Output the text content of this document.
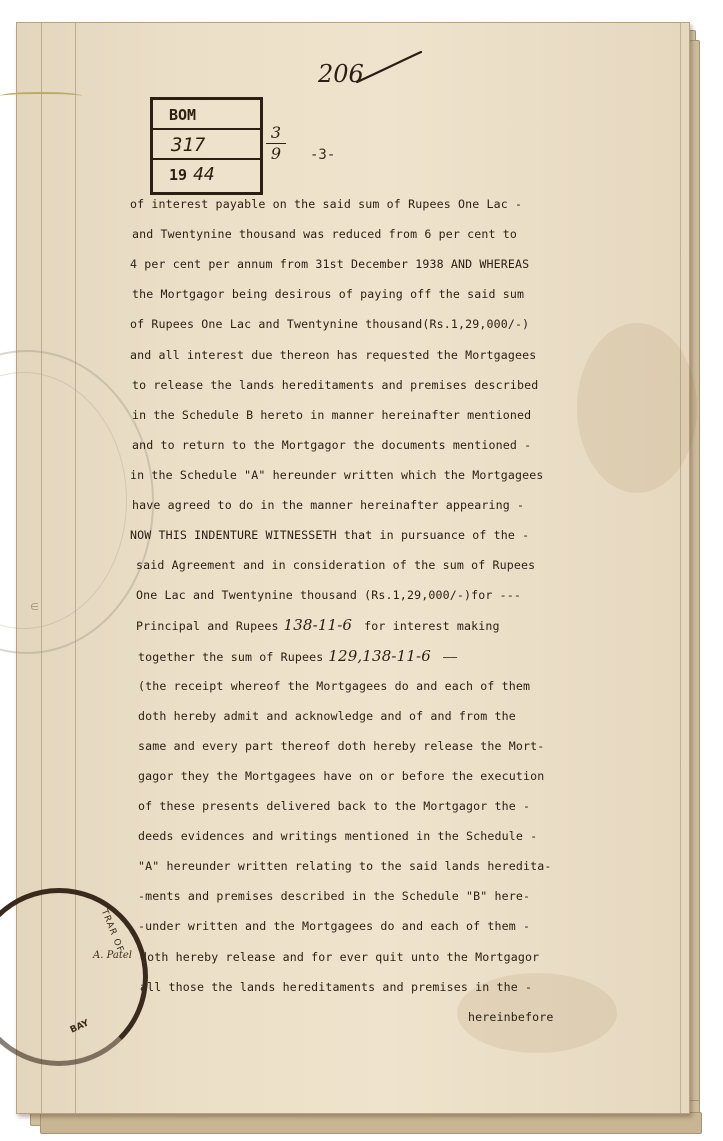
∈
BOM
317
19 44
3
9	-3-
206
of interest payable on the said sum of Rupees One Lac -
and Twentynine thousand was reduced from 6 per cent to
4 per cent per annum from 31st December 1938 AND WHEREAS
the Mortgagor being desirous of paying off the said sum
of Rupees One Lac and Twentynine thousand(Rs.1,29,000/-)
and all interest due thereon has requested the Mortgagees
to release the lands hereditaments and premises described
in the Schedule B hereto in manner hereinafter mentioned
and to return to the Mortgagor the documents mentioned -
in the Schedule "A" hereunder written which the Mortgagees
have agreed to do in the manner hereinafter appearing -
NOW THIS INDENTURE WITNESSETH that in pursuance of the -
said Agreement and in consideration of the sum of Rupees
One Lac and Twentynine thousand (Rs.1,29,000/-)for ---
Principal and Rupees 138-11-6  for interest making
together the sum of Rupees 129,138-11-6  ——
(the receipt whereof the Mortgagees do and each of them
doth hereby admit and acknowledge and of and from the
same and every part thereof doth hereby release the Mort-
gagor they the Mortgagees have on or before the execution
of these presents delivered back to the Mortgagor the -
deeds evidences and writings mentioned in the Schedule -
"A" hereunder written relating to the said lands heredita-
-ments and premises described in the Schedule "B" here-
-under written and the Mortgagees do and each of them -
doth hereby release and for ever quit unto the Mortgagor
all those the lands hereditaments and premises in the -
hereinbefore
TRAR OF
A. Patel
BAY
